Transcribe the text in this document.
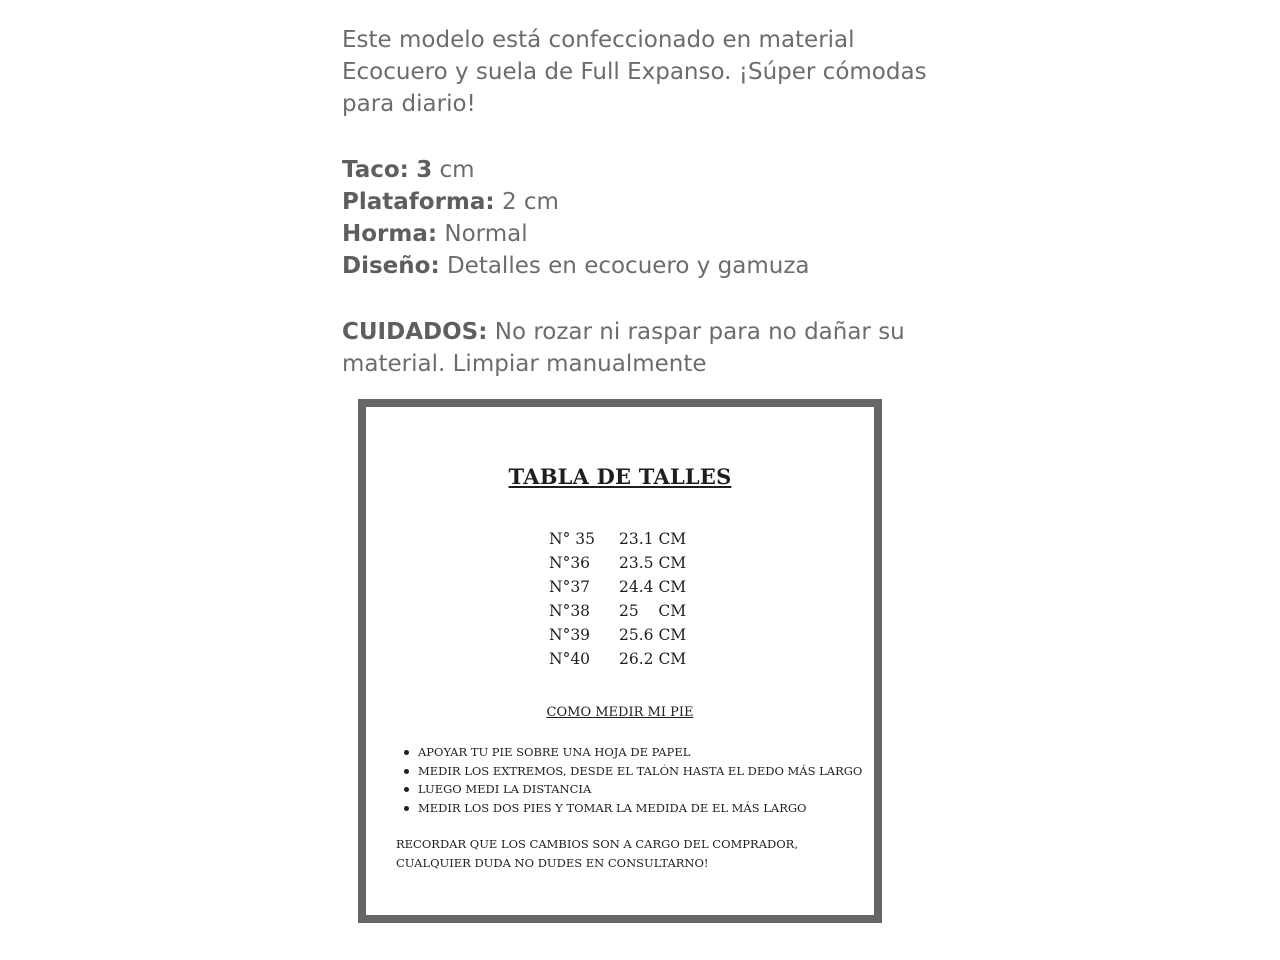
Este modelo está confeccionado en material Ecocuero y suela de Full Expanso. ¡Súper cómodas para diario!

Taco: 3 cm

Plataforma: 2 cm

Horma: Normal

Diseño: Detalles en ecocuero y gamuza

CUIDADOS: No rozar ni raspar para no dañar su material. Limpiar manualmente

TABLA DE TALLES
N° 35	23.1 CM
N°36	23.5 CM
N°37	24.4 CM
N°38	25    CM
N°39	25.6 CM
N°40	26.2 CM
COMO MEDIR MI PIE
APOYAR TU PIE SOBRE UNA HOJA DE PAPEL
MEDIR LOS EXTREMOS, DESDE EL TALÓN HASTA EL DEDO MÁS LARGO
LUEGO MEDI LA DISTANCIA
MEDIR LOS DOS PIES Y TOMAR LA MEDIDA DE EL MÁS LARGO
RECORDAR QUE LOS CAMBIOS SON A CARGO DEL COMPRADOR, CUALQUIER DUDA NO DUDES EN CONSULTARNO!
